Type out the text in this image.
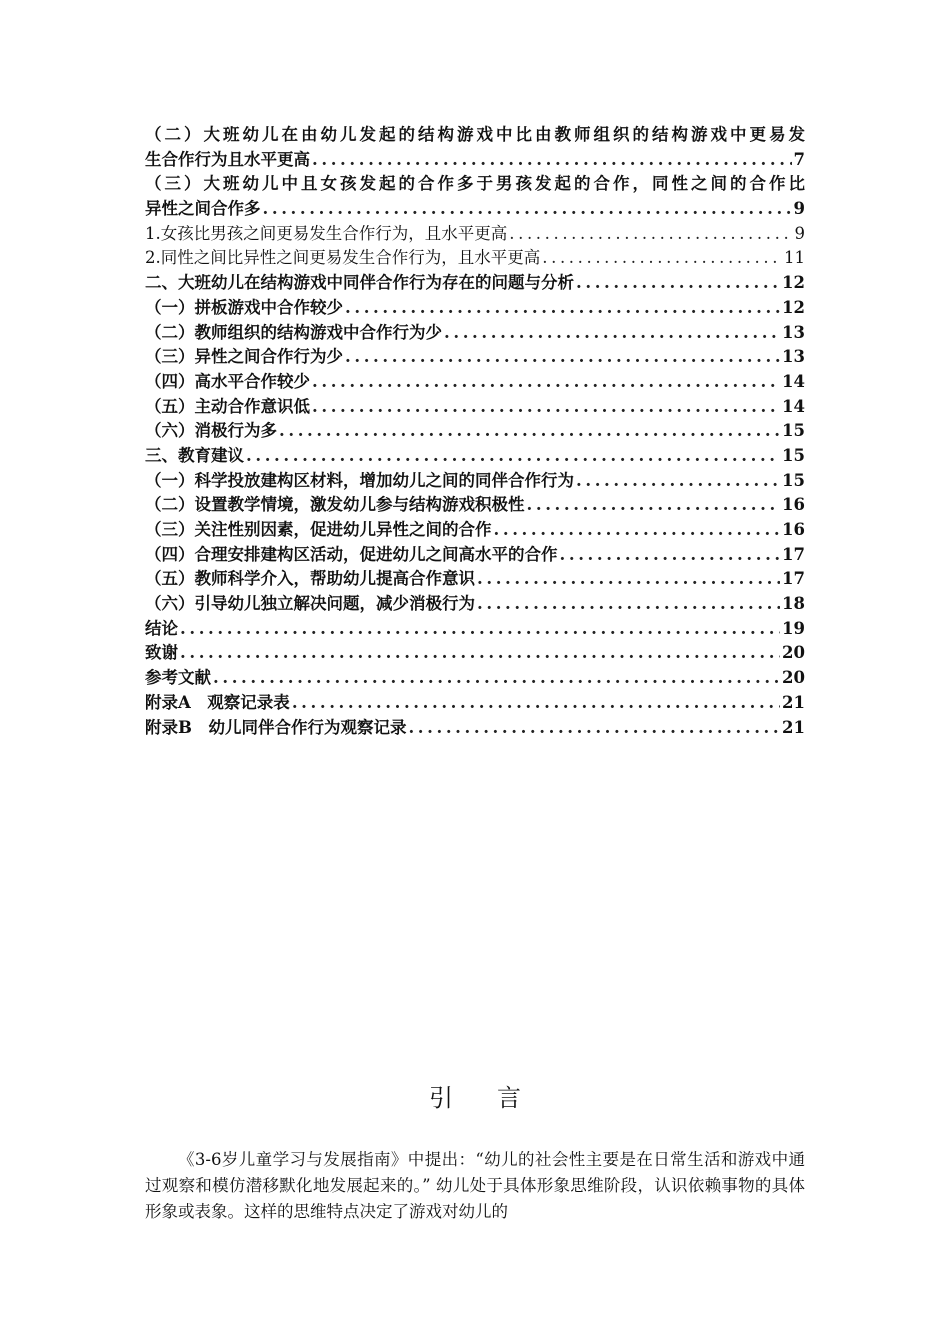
（二）大班幼儿在由幼儿发起的结构游戏中比由教师组织的结构游戏中更易发
生合作行为且水平更高 .....	7
（三）大班幼儿中且女孩发起的合作多于男孩发起的合作，同性之间的合作比
异性之间合作多 .....	9
1.女孩比男孩之间更易发生合作行为，且水平更高 .....	9
2.同性之间比异性之间更易发生合作行为，且水平更高 .....	11
二、大班幼儿在结构游戏中同伴合作行为存在的问题与分析 .....	12
（一）拼板游戏中合作较少 .....	12
（二）教师组织的结构游戏中合作行为少 .....	13
（三）异性之间合作行为少 .....	13
（四）高水平合作较少 .....	14
（五）主动合作意识低 .....	14
（六）消极行为多 .....	15
三、教育建议 .....	15
（一）科学投放建构区材料，增加幼儿之间的同伴合作行为 .....	15
（二）设置教学情境，激发幼儿参与结构游戏积极性 .....	16
（三）关注性别因素，促进幼儿异性之间的合作 .....	16
（四）合理安排建构区活动，促进幼儿之间高水平的合作 .....	17
（五）教师科学介入，帮助幼儿提高合作意识 .....	17
（六）引导幼儿独立解决问题，减少消极行为 .....	18
结论 .....	19
致谢 .....	20
参考文献 .....	20
附录A　观察记录表 .....	21
附录B　幼儿同伴合作行为观察记录 .....	21
引言

《3-6岁儿童学习与发展指南》中提出：“幼儿的社会性主要是在日常生活和游戏中通过观察和模仿潜移默化地发展起来的。” 幼儿处于具体形象思维阶段，认识依赖事物的具体形象或表象。这样的思维特点决定了游戏对幼儿的
